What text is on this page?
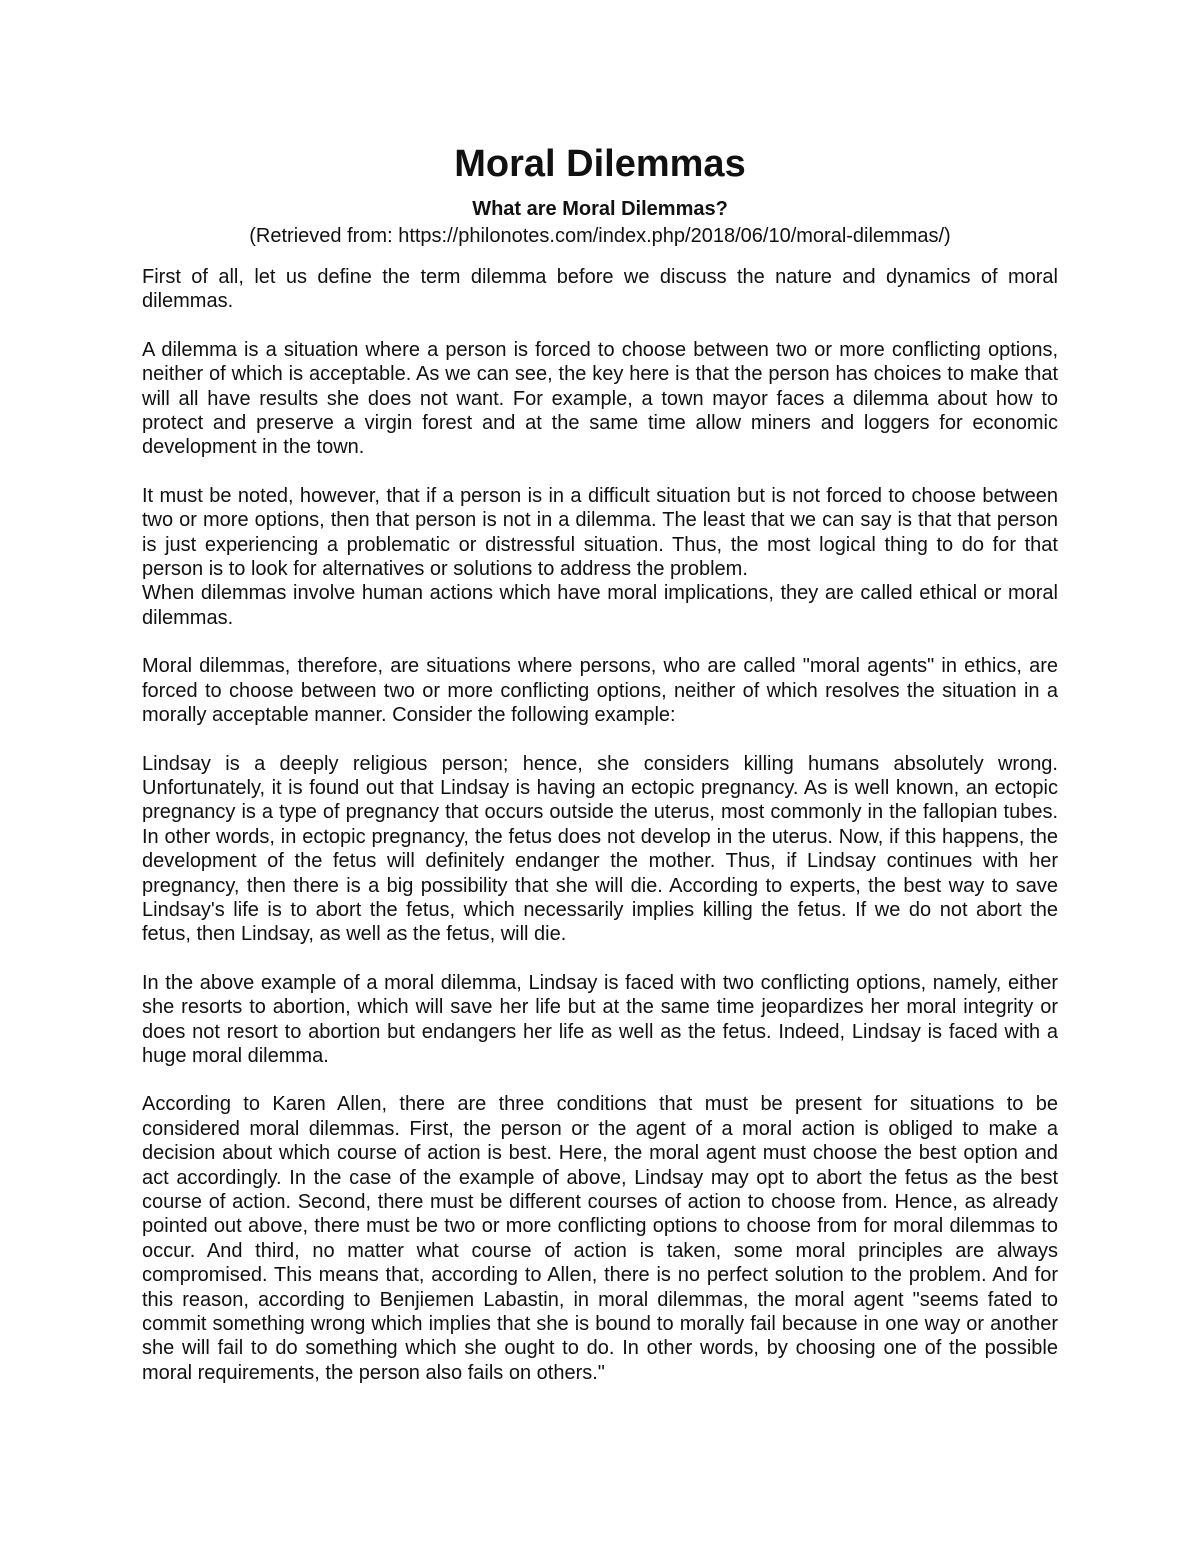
Moral Dilemmas
What are Moral Dilemmas?

(Retrieved from: https://philonotes.com/index.php/2018/06/10/moral-dilemmas/)

First of all, let us define the term dilemma before we discuss the nature and dynamics of moral dilemmas.

A dilemma is a situation where a person is forced to choose between two or more conflicting options, neither of which is acceptable. As we can see, the key here is that the person has choices to make that will all have results she does not want. For example, a town mayor faces a dilemma about how to protect and preserve a virgin forest and at the same time allow miners and loggers for economic development in the town.

It must be noted, however, that if a person is in a difficult situation but is not forced to choose between two or more options, then that person is not in a dilemma. The least that we can say is that that person is just experiencing a problematic or distressful situation. Thus, the most logical thing to do for that person is to look for alternatives or solutions to address the problem.

When dilemmas involve human actions which have moral implications, they are called ethical or moral dilemmas.

Moral dilemmas, therefore, are situations where persons, who are called "moral agents" in ethics, are forced to choose between two or more conflicting options, neither of which resolves the situation in a morally acceptable manner. Consider the following example:

Lindsay is a deeply religious person; hence, she considers killing humans absolutely wrong. Unfortunately, it is found out that Lindsay is having an ectopic pregnancy. As is well known, an ectopic pregnancy is a type of pregnancy that occurs outside the uterus, most commonly in the fallopian tubes. In other words, in ectopic pregnancy, the fetus does not develop in the uterus. Now, if this happens, the development of the fetus will definitely endanger the mother. Thus, if Lindsay continues with her pregnancy, then there is a big possibility that she will die. According to experts, the best way to save Lindsay's life is to abort the fetus, which necessarily implies killing the fetus. If we do not abort the fetus, then Lindsay, as well as the fetus, will die.

In the above example of a moral dilemma, Lindsay is faced with two conflicting options, namely, either she resorts to abortion, which will save her life but at the same time jeopardizes her moral integrity or does not resort to abortion but endangers her life as well as the fetus. Indeed, Lindsay is faced with a huge moral dilemma.

According to Karen Allen, there are three conditions that must be present for situations to be considered moral dilemmas. First, the person or the agent of a moral action is obliged to make a decision about which course of action is best. Here, the moral agent must choose the best option and act accordingly. In the case of the example of above, Lindsay may opt to abort the fetus as the best course of action. Second, there must be different courses of action to choose from. Hence, as already pointed out above, there must be two or more conflicting options to choose from for moral dilemmas to occur. And third, no matter what course of action is taken, some moral principles are always compromised. This means that, according to Allen, there is no perfect solution to the problem. And for this reason, according to Benjiemen Labastin, in moral dilemmas, the moral agent "seems fated to commit something wrong which implies that she is bound to morally fail because in one way or another she will fail to do something which she ought to do. In other words, by choosing one of the possible moral requirements, the person also fails on others."
